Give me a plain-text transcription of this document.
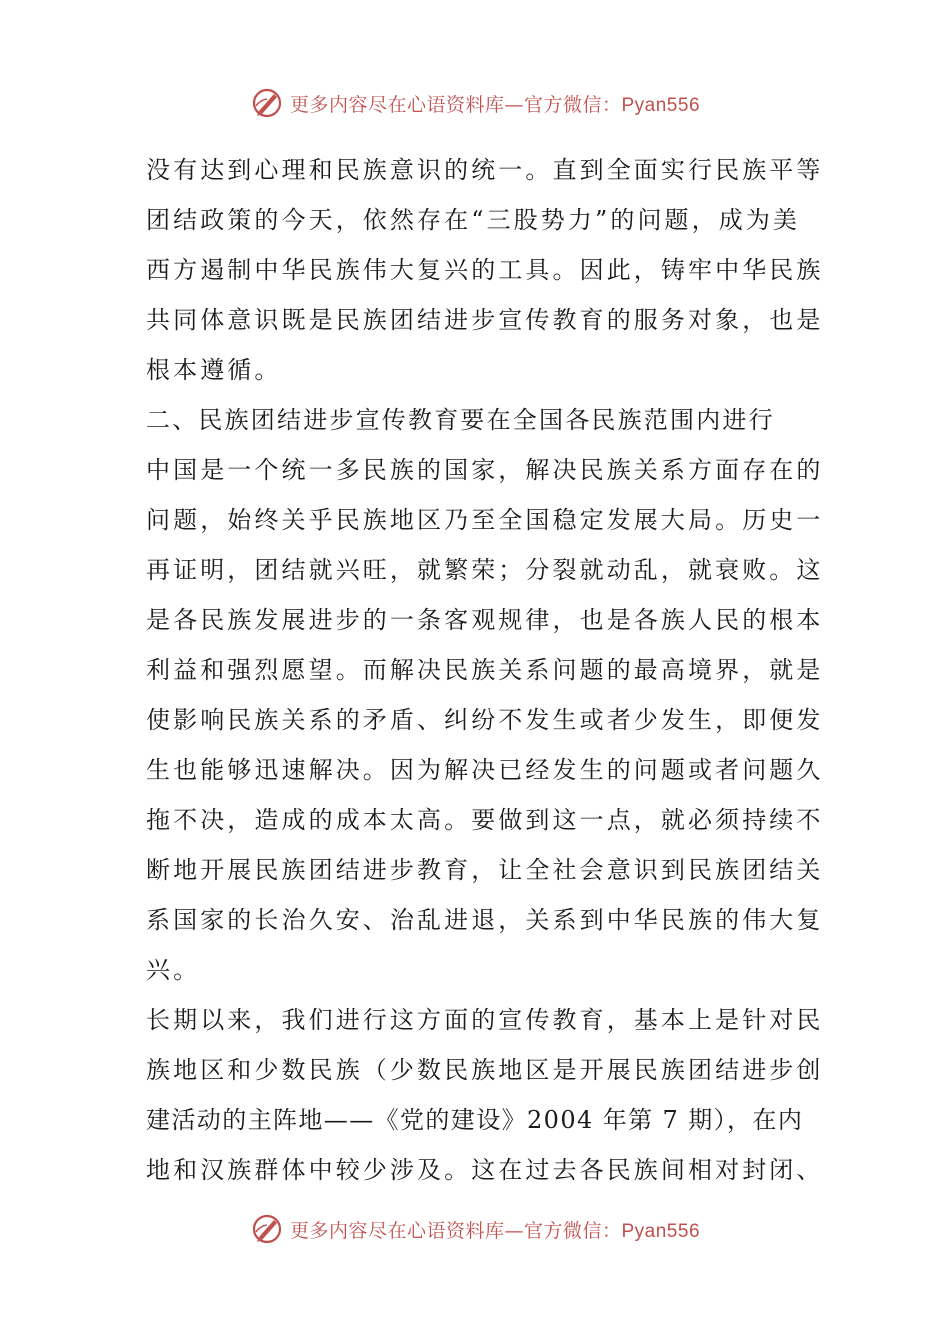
更多内容尽在心语资料库—官方微信：Pyan556
没有达到心理和民族意识的统一。直到全面实行民族平等
团结政策的今天，依然存在“三股势力”的问题，成为美
西方遏制中华民族伟大复兴的工具。因此，铸牢中华民族
共同体意识既是民族团结进步宣传教育的服务对象，也是
根本遵循。
二、民族团结进步宣传教育要在全国各民族范围内进行
中国是一个统一多民族的国家，解决民族关系方面存在的
问题，始终关乎民族地区乃至全国稳定发展大局。历史一
再证明，团结就兴旺，就繁荣；分裂就动乱，就衰败。这
是各民族发展进步的一条客观规律，也是各族人民的根本
利益和强烈愿望。而解决民族关系问题的最高境界，就是
使影响民族关系的矛盾、纠纷不发生或者少发生，即便发
生也能够迅速解决。因为解决已经发生的问题或者问题久
拖不决，造成的成本太高。要做到这一点，就必须持续不
断地开展民族团结进步教育，让全社会意识到民族团结关
系国家的长治久安、治乱进退，关系到中华民族的伟大复
兴。
长期以来，我们进行这方面的宣传教育，基本上是针对民
族地区和少数民族（少数民族地区是开展民族团结进步创
建活动的主阵地——《党的建设》2004 年第 7 期），在内
地和汉族群体中较少涉及。这在过去各民族间相对封闭、
更多内容尽在心语资料库—官方微信：Pyan556
